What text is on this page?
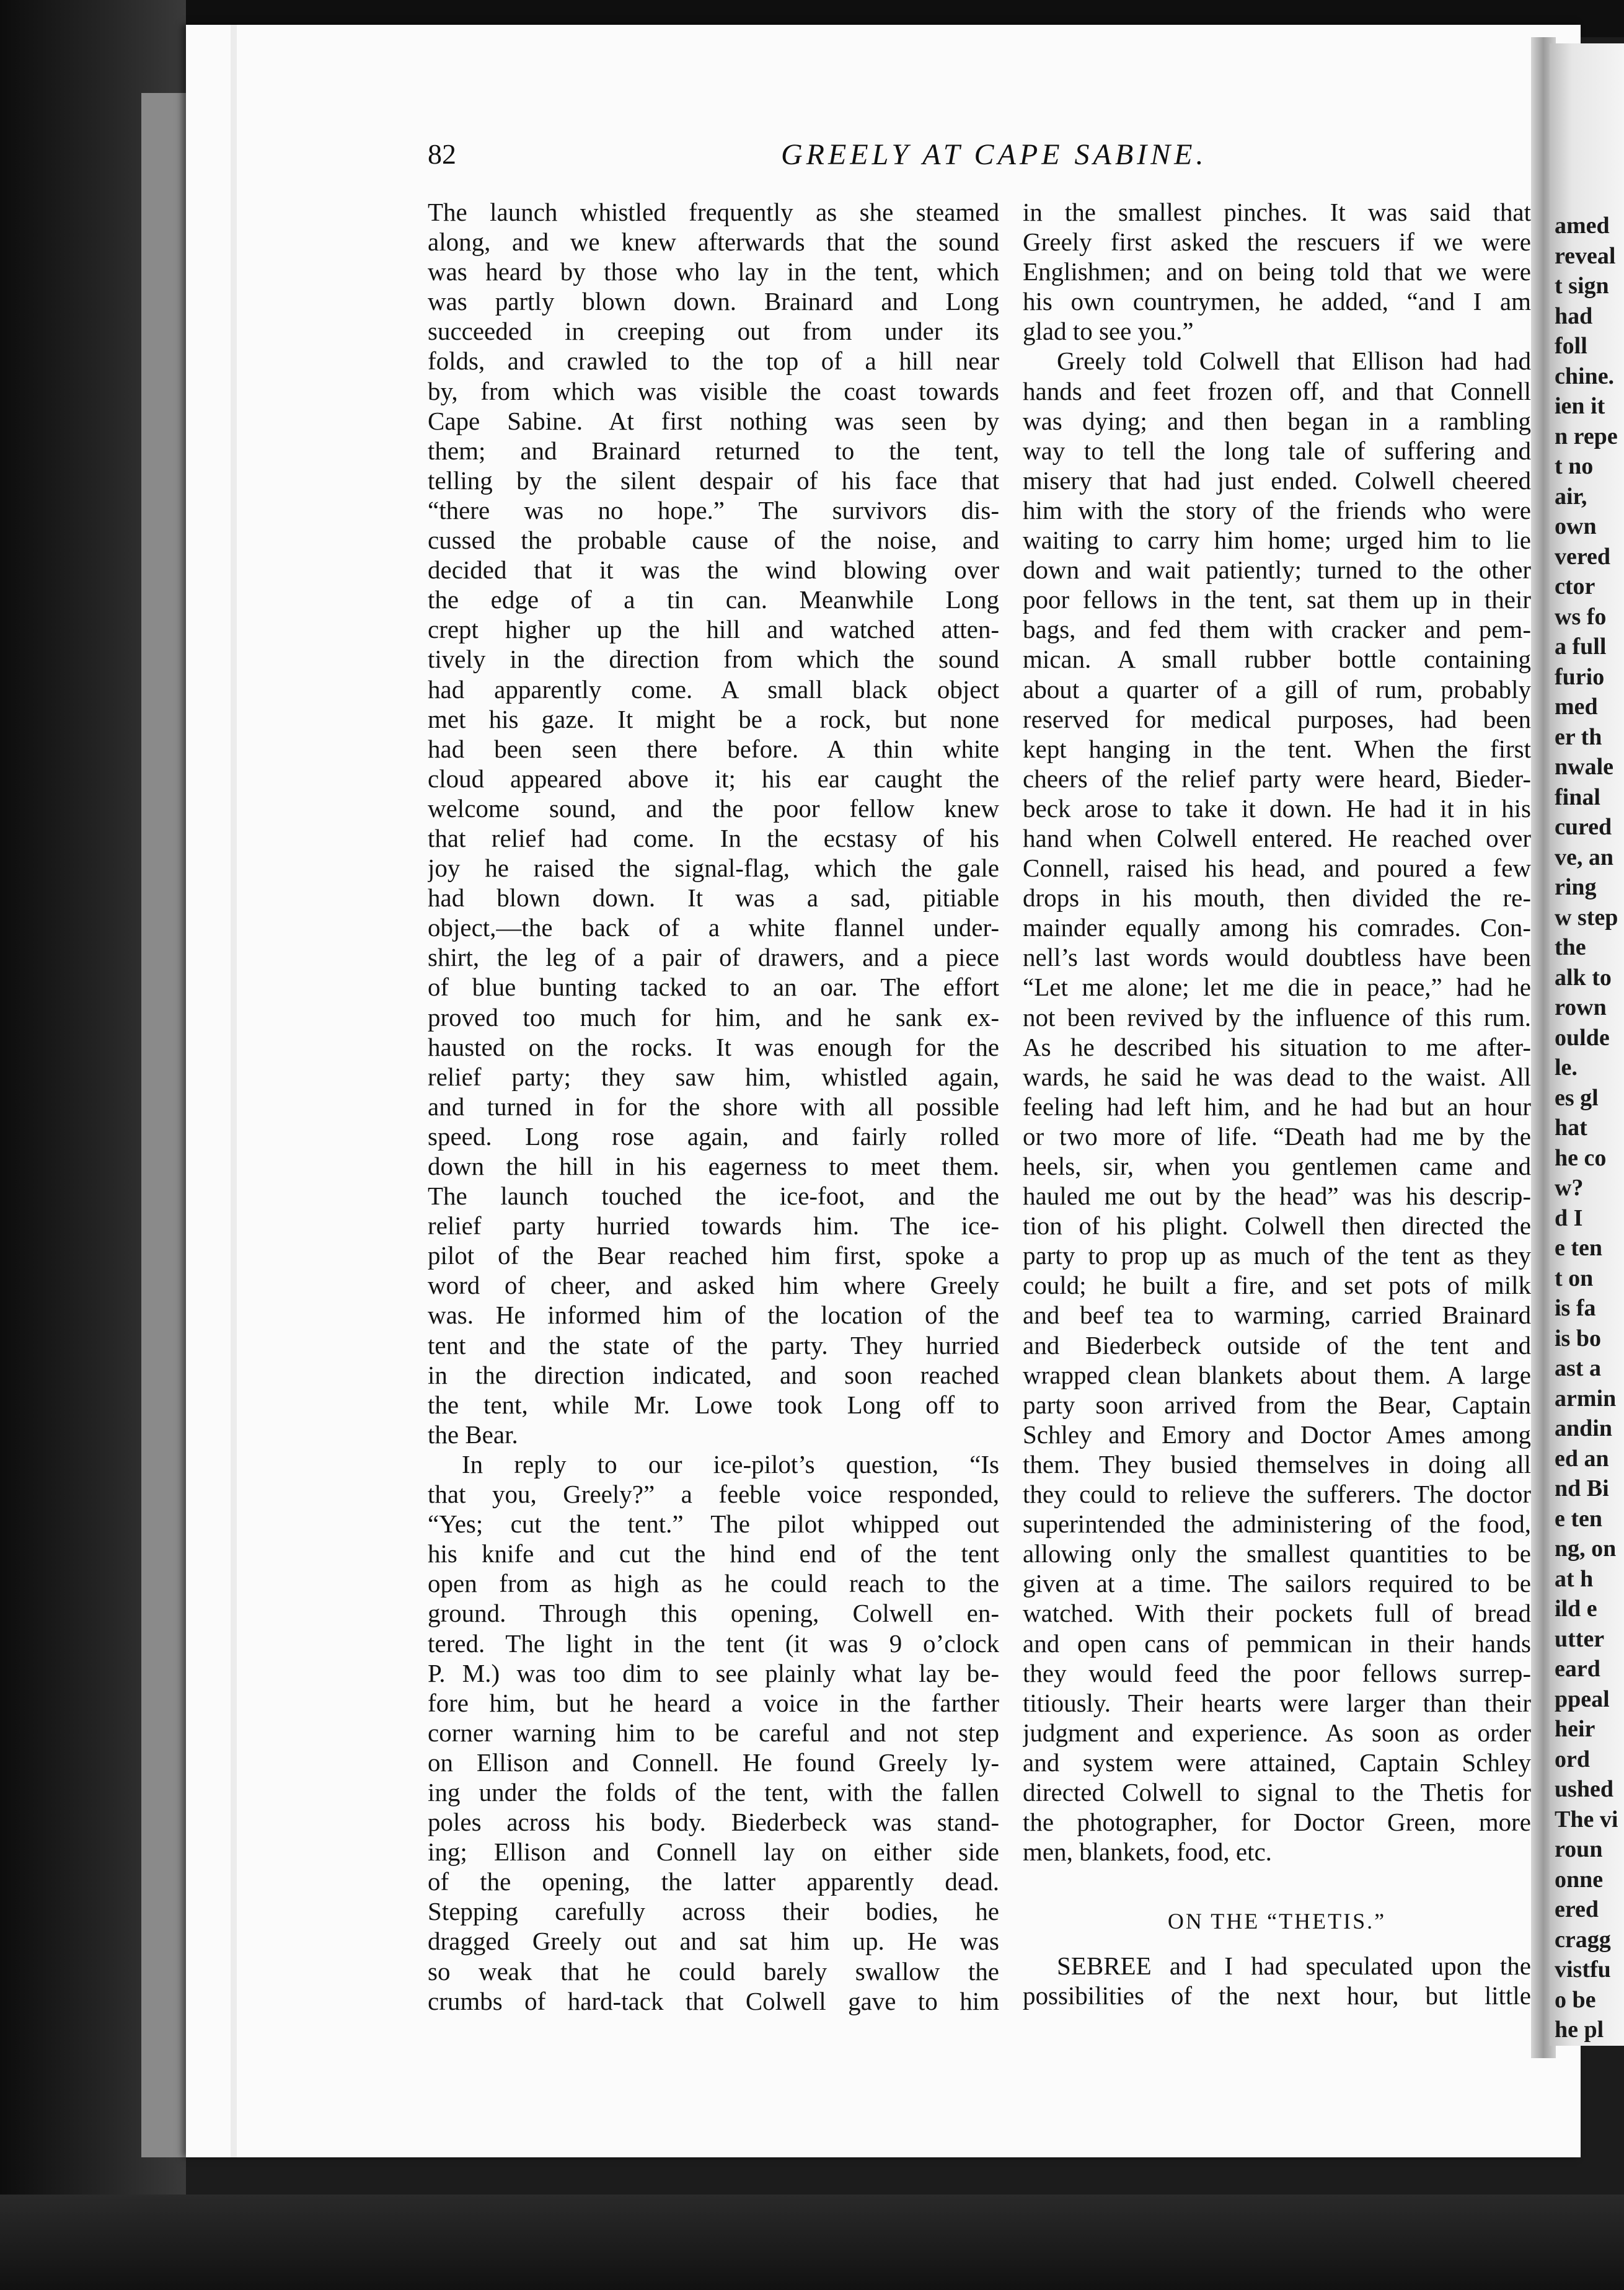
amed
reveal
t sign
had
foll
chine.
ien it
n repe
t no
air,
own
vered
ctor
ws fo
a full
furio
med
er th
nwale
final
cured
ve, an
ring
w step
the
alk to
rown
oulde
le.
es gl
hat
he co
w?
d I
e ten
t on
is fa
is bo
ast a
armin
andin
ed an
nd Bi
e ten
ng, on
at h
ild e
utter
eard
ppeal
heir
ord
ushed
The vi
roun
onne
ered
cragg
vistfu
o be
he pl
82	GREELY AT CAPE SABINE.
The launch whistled frequently as she steamed
along, and we knew afterwards that the sound
was heard by those who lay in the tent, which
was partly blown down. Brainard and Long
succeeded in creeping out from under its
folds, and crawled to the top of a hill near
by, from which was visible the coast towards
Cape Sabine. At first nothing was seen by
them; and Brainard returned to the tent,
telling by the silent despair of his face that
“there was no hope.” The survivors dis-
cussed the probable cause of the noise, and
decided that it was the wind blowing over
the edge of a tin can. Meanwhile Long
crept higher up the hill and watched atten-
tively in the direction from which the sound
had apparently come. A small black object
met his gaze. It might be a rock, but none
had been seen there before. A thin white
cloud appeared above it; his ear caught the
welcome sound, and the poor fellow knew
that relief had come. In the ecstasy of his
joy he raised the signal-flag, which the gale
had blown down. It was a sad, pitiable
object,—the back of a white flannel under-
shirt, the leg of a pair of drawers, and a piece
of blue bunting tacked to an oar. The effort
proved too much for him, and he sank ex-
hausted on the rocks. It was enough for the
relief party; they saw him, whistled again,
and turned in for the shore with all possible
speed. Long rose again, and fairly rolled
down the hill in his eagerness to meet them.
The launch touched the ice-foot, and the
relief party hurried towards him. The ice-
pilot of the Bear reached him first, spoke a
word of cheer, and asked him where Greely
was. He informed him of the location of the
tent and the state of the party. They hurried
in the direction indicated, and soon reached
the tent, while Mr. Lowe took Long off to
the Bear.
In reply to our ice-pilot’s question, “Is
that you, Greely?” a feeble voice responded,
“Yes; cut the tent.” The pilot whipped out
his knife and cut the hind end of the tent
open from as high as he could reach to the
ground. Through this opening, Colwell en-
tered. The light in the tent (it was 9 o’clock
P. M.) was too dim to see plainly what lay be-
fore him, but he heard a voice in the farther
corner warning him to be careful and not step
on Ellison and Connell. He found Greely ly-
ing under the folds of the tent, with the fallen
poles across his body. Biederbeck was stand-
ing; Ellison and Connell lay on either side
of the opening, the latter apparently dead.
Stepping carefully across their bodies, he
dragged Greely out and sat him up. He was
so weak that he could barely swallow the
crumbs of hard-tack that Colwell gave to him
in the smallest pinches. It was said that
Greely first asked the rescuers if we were
Englishmen; and on being told that we were
his own countrymen, he added, “and I am
glad to see you.”
Greely told Colwell that Ellison had had
hands and feet frozen off, and that Connell
was dying; and then began in a rambling
way to tell the long tale of suffering and
misery that had just ended. Colwell cheered
him with the story of the friends who were
waiting to carry him home; urged him to lie
down and wait patiently; turned to the other
poor fellows in the tent, sat them up in their
bags, and fed them with cracker and pem-
mican. A small rubber bottle containing
about a quarter of a gill of rum, probably
reserved for medical purposes, had been
kept hanging in the tent. When the first
cheers of the relief party were heard, Bieder-
beck arose to take it down. He had it in his
hand when Colwell entered. He reached over
Connell, raised his head, and poured a few
drops in his mouth, then divided the re-
mainder equally among his comrades. Con-
nell’s last words would doubtless have been
“Let me alone; let me die in peace,” had he
not been revived by the influence of this rum.
As he described his situation to me after-
wards, he said he was dead to the waist. All
feeling had left him, and he had but an hour
or two more of life. “Death had me by the
heels, sir, when you gentlemen came and
hauled me out by the head” was his descrip-
tion of his plight. Colwell then directed the
party to prop up as much of the tent as they
could; he built a fire, and set pots of milk
and beef tea to warming, carried Brainard
and Biederbeck outside of the tent and
wrapped clean blankets about them. A large
party soon arrived from the Bear, Captain
Schley and Emory and Doctor Ames among
them. They busied themselves in doing all
they could to relieve the sufferers. The doctor
superintended the administering of the food,
allowing only the smallest quantities to be
given at a time. The sailors required to be
watched. With their pockets full of bread
and open cans of pemmican in their hands
they would feed the poor fellows surrep-
titiously. Their hearts were larger than their
judgment and experience. As soon as order
and system were attained, Captain Schley
directed Colwell to signal to the Thetis for
the photographer, for Doctor Green, more
men, blankets, food, etc.
ON THE “THETIS.”
SEBREE and I had speculated upon the
possibilities of the next hour, but little
